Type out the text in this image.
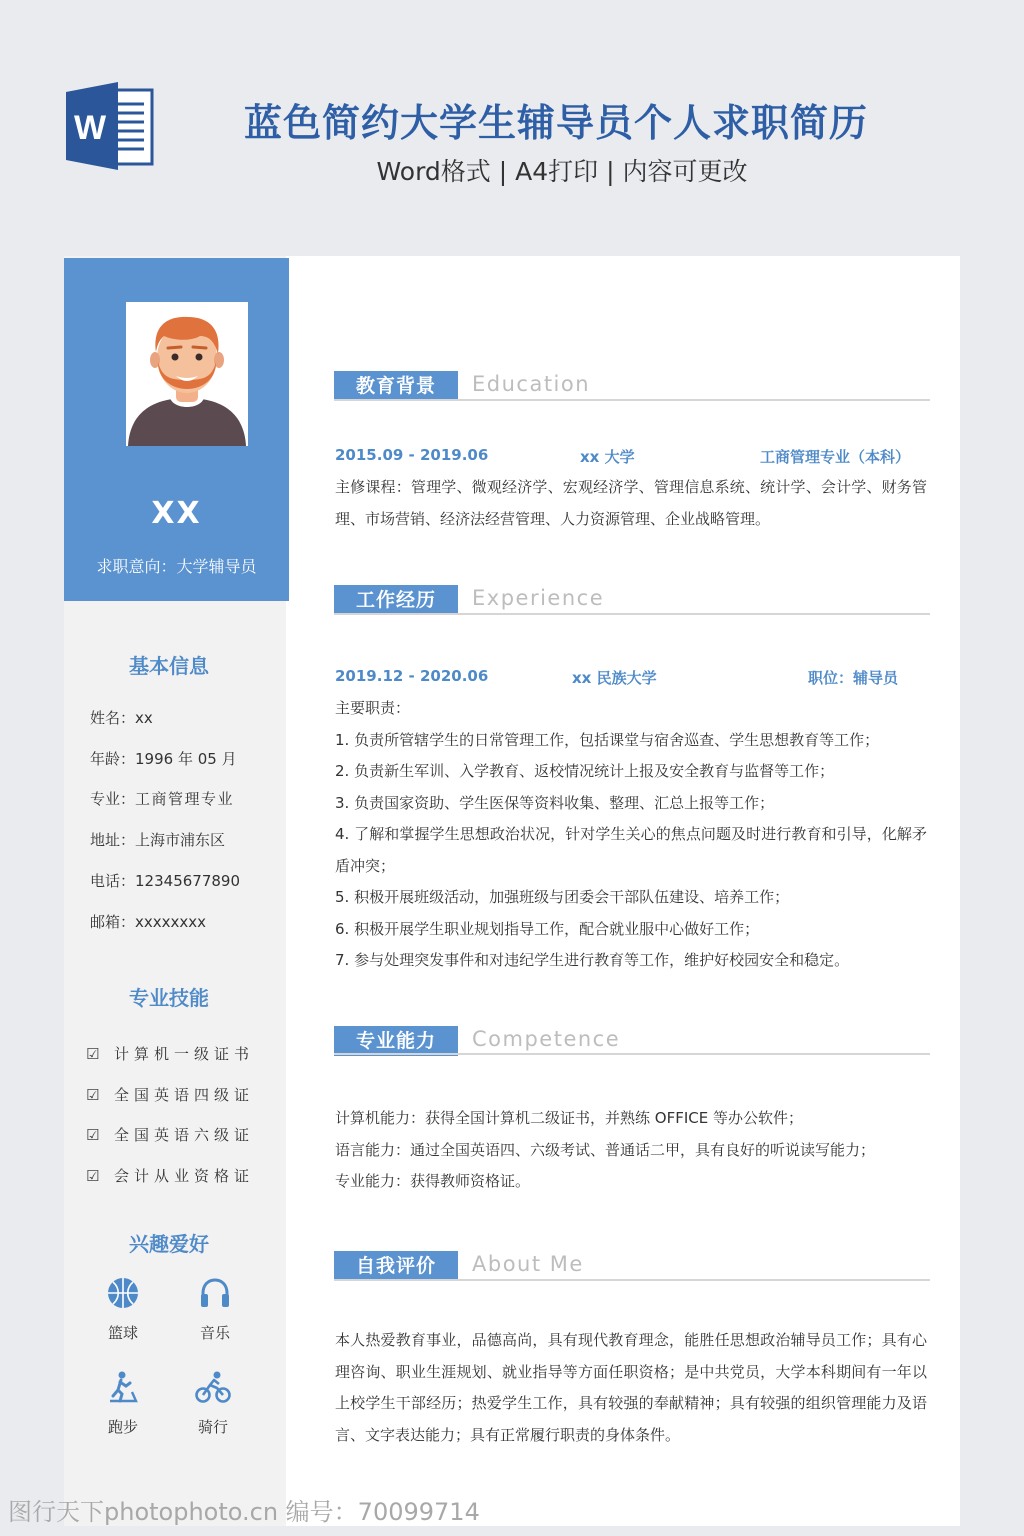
W	蓝色简约大学生辅导员个人求职简历
Word格式 | A4打印 | 内容可更改
XX
求职意向：大学辅导员
基本信息
姓名：xx
年龄：1996 年 05 月
专业：工商管理专业
地址：上海市浦东区
电话：12345677890
邮箱：xxxxxxxx
专业技能
☑ 计算机一级证书
☑ 全国英语四级证
☑ 全国英语六级证
☑ 会计从业资格证
兴趣爱好
篮球	音乐
跑步	骑行
教育背景	Education
2015.09 - 2019.06	xx 大学	工商管理专业（本科）
主修课程：管理学、微观经济学、宏观经济学、管理信息系统、统计学、会计学、财务管理、市场营销、经济法经营管理、人力资源管理、企业战略管理。
工作经历	Experience
2019.12 - 2020.06	xx 民族大学	职位：辅导员

主要职责：

1. 负责所管辖学生的日常管理工作，包括课堂与宿舍巡查、学生思想教育等工作；

2. 负责新生军训、入学教育、返校情况统计上报及安全教育与监督等工作；

3. 负责国家资助、学生医保等资料收集、整理、汇总上报等工作；

4. 了解和掌握学生思想政治状况，针对学生关心的焦点问题及时进行教育和引导，化解矛盾冲突；

5. 积极开展班级活动，加强班级与团委会干部队伍建设、培养工作；

6. 积极开展学生职业规划指导工作，配合就业服中心做好工作；

7. 参与处理突发事件和对违纪学生进行教育等工作，维护好校园安全和稳定。

专业能力	Competence

计算机能力：获得全国计算机二级证书，并熟练 OFFICE 等办公软件；

语言能力：通过全国英语四、六级考试、普通话二甲，具有良好的听说读写能力；

专业能力：获得教师资格证。

自我评价	About Me
本人热爱教育事业，品德高尚，具有现代教育理念，能胜任思想政治辅导员工作；具有心理咨询、职业生涯规划、就业指导等方面任职资格；是中共党员，大学本科期间有一年以上校学生干部经历；热爱学生工作，具有较强的奉献精神；具有较强的组织管理能力及语言、文字表达能力；具有正常履行职责的身体条件。
图行天下photophoto.cn 编号：70099714
